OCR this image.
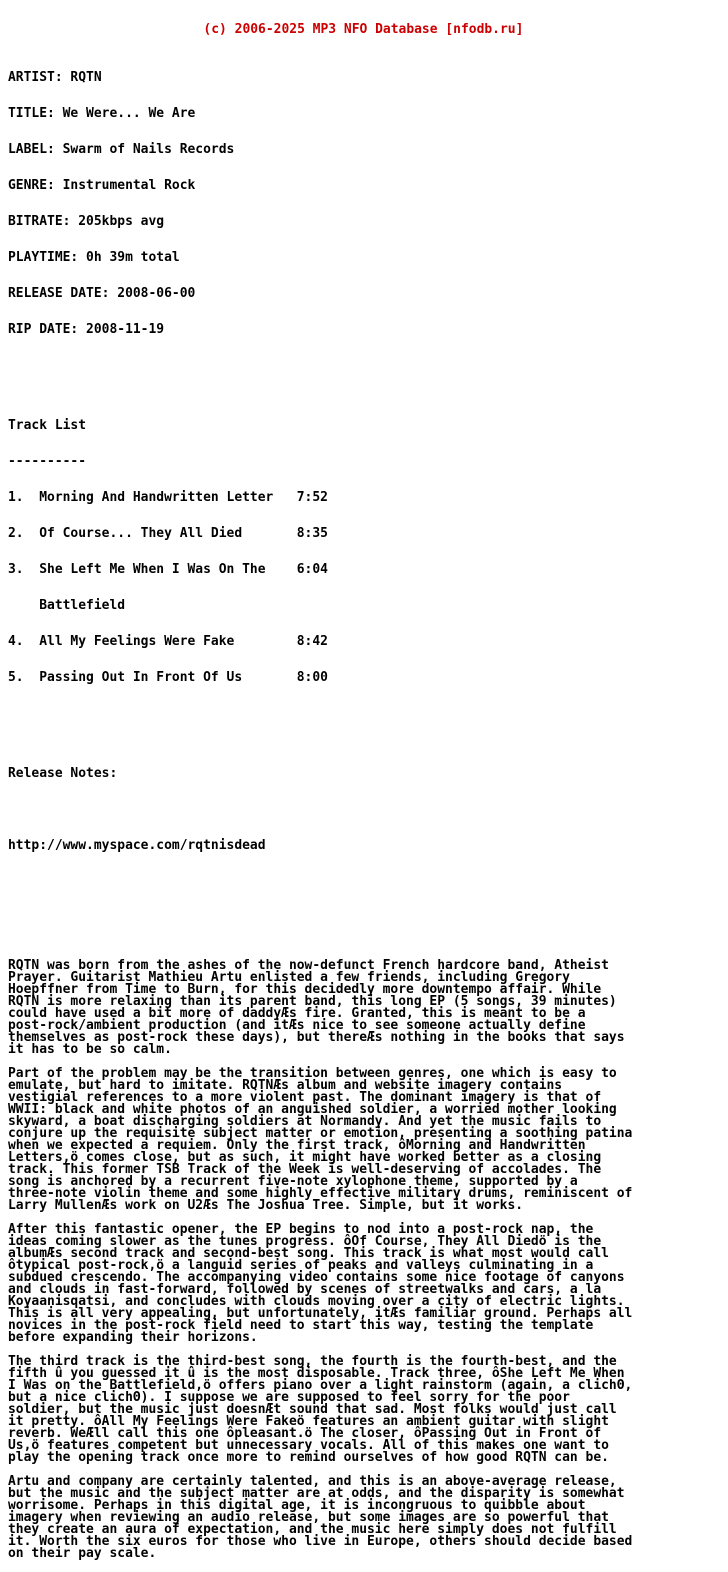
(c) 2006-2025 MP3 NFO Database [nfodb.ru]

ARTIST: RQTN

TITLE: We Were... We Are

LABEL: Swarm of Nails Records

GENRE: Instrumental Rock

BITRATE: 205kbps avg

PLAYTIME: 0h 39m total

RELEASE DATE: 2008-06-00

RIP DATE: 2008-11-19

Track List

----------

1.  Morning And Handwritten Letter   7:52

2.  Of Course... They All Died       8:35

3.  She Left Me When I Was On The    6:04

Battlefield

4.  All My Feelings Were Fake        8:42

5.  Passing Out In Front Of Us       8:00

Release Notes:

http://www.myspace.com/rqtnisdead

RQTN was born from the ashes of the now-defunct French hardcore band, Atheist
Prayer. Guitarist Mathieu Artu enlisted a few friends, including Gregory
Hoepffner from Time to Burn, for this decidedly more downtempo affair. While
RQTN is more relaxing than its parent band, this long EP (5 songs, 39 minutes)
could have used a bit more of daddyÆs fire. Granted, this is meant to be a
post-rock/ambient production (and itÆs nice to see someone actually define
themselves as post-rock these days), but thereÆs nothing in the books that says
it has to be so calm.
Part of the problem may be the transition between genres, one which is easy to
emulate, but hard to imitate. RQTNÆs album and website imagery contains
vestigial references to a more violent past. The dominant imagery is that of
WWII: black and white photos of an anguished soldier, a worried mother looking
skyward, a boat discharging soldiers at Normandy. And yet the music fails to
conjure up the requisite subject matter or emotion, presenting a soothing patina
when we expected a requiem. Only the first track, ôMorning and Handwritten
Letters,ö comes close, but as such, it might have worked better as a closing
track. This former TSB Track of the Week is well-deserving of accolades. The
song is anchored by a recurrent five-note xylophone theme, supported by a
three-note violin theme and some highly effective military drums, reminiscent of
Larry MullenÆs work on U2Æs The Joshua Tree. Simple, but it works.
After this fantastic opener, the EP begins to nod into a post-rock nap, the
ideas coming slower as the tunes progress. ôOf Course, They All Diedö is the
albumÆs second track and second-best song. This track is what most would call
ôtypical post-rock,ö a languid series of peaks and valleys culminating in a
subdued crescendo. The accompanying video contains some nice footage of canyons
and clouds in fast-forward, followed by scenes of streetwalks and cars, a la
Koyaanisqatsi, and concludes with clouds moving over a city of electric lights.
This is all very appealing, but unfortunately, itÆs familiar ground. Perhaps all
novices in the post-rock field need to start this way, testing the template
before expanding their horizons.
The third track is the third-best song, the fourth is the fourth-best, and the
fifth û you guessed it û is the most disposable. Track three, ôShe Left Me When
I Was on the Battlefield,ö offers piano over a light rainstorm (again, a clichΘ,
but a nice clichΘ). I suppose we are supposed to feel sorry for the poor
soldier, but the music just doesnÆt sound that sad. Most folks would just call
it pretty. ôAll My Feelings Were Fakeö features an ambient guitar with slight
reverb. WeÆll call this one ôpleasant.ö The closer, ôPassing Out in Front of
Us,ö features competent but unnecessary vocals. All of this makes one want to
play the opening track once more to remind ourselves of how good RQTN can be.
Artu and company are certainly talented, and this is an above-average release,
but the music and the subject matter are at odds, and the disparity is somewhat
worrisome. Perhaps in this digital age, it is incongruous to quibble about
imagery when reviewing an audio release, but some images are so powerful that
they create an aura of expectation, and the music here simply does not fulfill
it. Worth the six euros for those who live in Europe, others should decide based
on their pay scale.
